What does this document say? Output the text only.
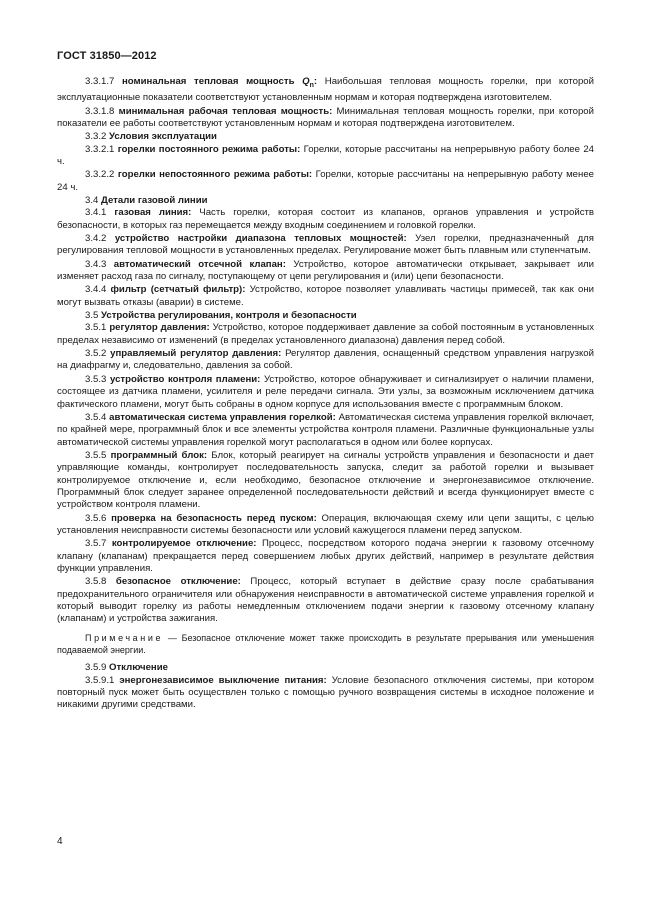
ГОСТ 31850—2012

3.3.1.7 номинальная тепловая мощность $Q_n$: Наибольшая тепловая мощность горелки, при которой эксплуатационные показатели соответствуют установленным нормам и которая подтверждена изготовителем.

3.3.1.8 минимальная рабочая тепловая мощность: Минимальная тепловая мощность горелки, при которой показатели ее работы соответствуют установленным нормам и которая подтверждена изготовителем.

3.3.2 Условия эксплуатации

3.3.2.1 горелки постоянного режима работы: Горелки, которые рассчитаны на непрерывную работу более 24 ч.

3.3.2.2 горелки непостоянного режима работы: Горелки, которые рассчитаны на непрерывную работу менее 24 ч.

3.4 Детали газовой линии

3.4.1 газовая линия: Часть горелки, которая состоит из клапанов, органов управления и устройств безопасности, в которых газ перемещается между входным соединением и головкой горелки.

3.4.2 устройство настройки диапазона тепловых мощностей: Узел горелки, предназначенный для регулирования тепловой мощности в установленных пределах. Регулирование может быть плавным или ступенчатым.

3.4.3 автоматический отсечной клапан: Устройство, которое автоматически открывает, закрывает или изменяет расход газа по сигналу, поступающему от цепи регулирования и (или) цепи безопасности.

3.4.4 фильтр (сетчатый фильтр): Устройство, которое позволяет улавливать частицы примесей, так как они могут вызвать отказы (аварии) в системе.

3.5 Устройства регулирования, контроля и безопасности

3.5.1 регулятор давления: Устройство, которое поддерживает давление за собой постоянным в установленных пределах независимо от изменений (в пределах установленного диапазона) давления перед собой.

3.5.2 управляемый регулятор давления: Регулятор давления, оснащенный средством управления нагрузкой на диафрагму и, следовательно, давления за собой.

3.5.3 устройство контроля пламени: Устройство, которое обнаруживает и сигнализирует о наличии пламени, состоящее из датчика пламени, усилителя и реле передачи сигнала. Эти узлы, за возможным исключением датчика фактического пламени, могут быть собраны в одном корпусе для использования вместе с программным блоком.

3.5.4 автоматическая система управления горелкой: Автоматическая система управления горелкой включает, по крайней мере, программный блок и все элементы устройства контроля пламени. Различные функциональные узлы автоматической системы управления горелкой могут располагаться в одном или более корпусах.

3.5.5 программный блок: Блок, который реагирует на сигналы устройств управления и безопасности и дает управляющие команды, контролирует последовательность запуска, следит за работой горелки и вызывает контролируемое отключение и, если необходимо, безопасное отключение и энергонезависимое отключение. Программный блок следует заранее определенной последовательности действий и всегда функционирует вместе с устройством контроля пламени.

3.5.6 проверка на безопасность перед пуском: Операция, включающая схему или цепи защиты, с целью установления неисправности системы безопасности или условий кажущегося пламени перед запуском.

3.5.7 контролируемое отключение: Процесс, посредством которого подача энергии к газовому отсечному клапану (клапанам) прекращается перед совершением любых других действий, например в результате действия функции управления.

3.5.8 безопасное отключение: Процесс, который вступает в действие сразу после срабатывания предохранительного ограничителя или обнаружения неисправности в автоматической системе управления горелкой и который выводит горелку из работы немедленным отключением подачи энергии к газовому отсечному клапану (клапанам) и устройства зажигания.

Примечание — Безопасное отключение может также происходить в результате прерывания или уменьшения подаваемой энергии.

3.5.9 Отключение

3.5.9.1 энергонезависимое выключение питания: Условие безопасного отключения системы, при котором повторный пуск может быть осуществлен только с помощью ручного возвращения системы в исходное положение и никакими другими средствами.

4
